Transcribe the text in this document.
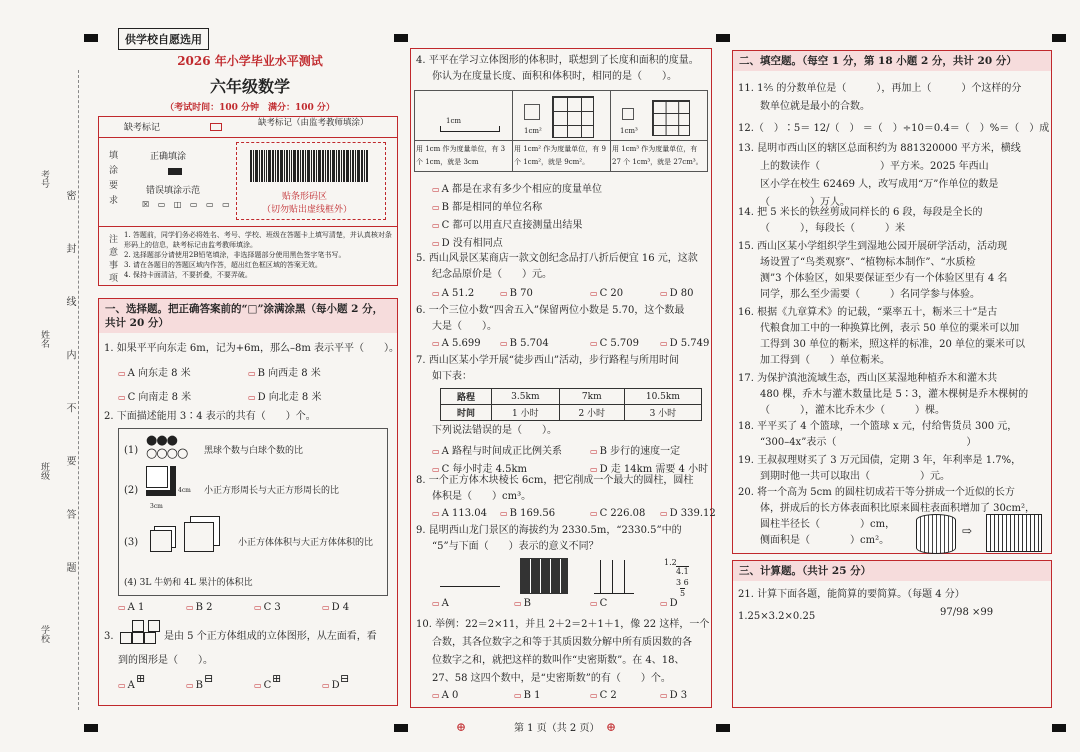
供学校自愿选用
考号
姓名
班级
学校
密 封 线 内 不 要 答 题
2026 年小学毕业水平测试
六年级数学
（考试时间：100 分钟　满分：100 分）
缺考标记	缺考标记（由监考教师填涂）
填涂要求	正确填涂
错误填涂示范
☒ ▭ ◫ ▭ ▭ ▭
贴条形码区
（切勿贴出虚线框外）
注意事项 1. 答题前，同学们务必将姓名、考号、学校、班级在答题卡上填写清楚，并认真核对条形码上的信息，缺考标记由监考教师填涂。
2. 选择题部分请使用2B铅笔填涂，非选择题部分使用黑色签字笔书写。
3. 请在各题目的答题区域内作答，超出红色框区域的答案无效。
4. 保持卡面清洁，不要折叠，不要弄破。
一、选择题。把正确答案前的“□”涂满涂黑（每小题 2 分，共计 20 分）
1. 如果平平向东走 6m，记为+6m，那么–8m 表示平平（　　）。
▭ A 向东走 8 米	▭ B 向西走 8 米
▭ C 向南走 8 米	▭ D 向北走 8 米
2. 下面描述能用 3∶4 表示的共有（　　）个。
(1)
●●●
○○○○ 黑球个数与白球个数的比
(2)	4cm
3cm
小正方形周长与大正方形周长的比
(3)	小正方体体积与大正方体体积的比
(4) 3L 牛奶和 4L 果汁的体积比
▭ A 1	▭ B 2	▭ C 3	▭ D 4
3.	是由 5 个正方体组成的立体图形，从左面看，看
到的图形是（　　）。
▭ A
⊞
▭ B
⊟
▭ C
⊞
▭ D
⊟
4. 平平在学习立体图形的体积时，联想到了长度和面积的度量。
你认为在度量长度、面积和体积时，相同的是（　　）。
1cm
1cm²	1cm³
用 1cm 作为度量单位，有 3 个 1cm，就是 3cm
用 1cm² 作为度量单位，有 9 个 1cm²，就是 9cm²。
用 1cm³ 作为度量单位，有 27 个 1cm³，就是 27cm³。
▭ A 都是在求有多少个相应的度量单位
▭ B 都是相同的单位名称
▭ C 都可以用直尺直接测量出结果
▭ D 没有相同点
5. 西山风景区某商店一款文创纪念品打八折后便宜 16 元，这款
纪念品原价是（　　）元。
▭ A 51.2	▭ B 70	▭ C 20	▭ D 80
6. 一个三位小数“四舍五入”保留两位小数是 5.70，这个数最
大是（　　）。
▭ A 5.699 ▭ B 5.704	▭ C 5.709	▭ D 5.749
7. 西山区某小学开展“徒步西山”活动，步行路程与所用时间
如下表：
路程	3.5km	7km	10.5km
时间	1 小时	2 小时	3 小时
下列说法错误的是（　　）。
▭ A 路程与时间成正比例关系	▭ B 步行的速度一定
▭ C 每小时走 4.5km	▭ D 走 14km 需要 4 小时
8. 一个正方体木块棱长 6cm，把它削成一个最大的圆柱，圆柱
体积是（　　）cm³。
▭ A 113.04 ▭ B 169.56	▭ C 226.08 ▭ D 339.12
9. 昆明西山龙门景区的海拔约为 2330.5m，“2330.5”中的
“5”与下面（　　）表示的意义不同？
1.2
4.1
3 6
5
▭ A	▭ B	▭ C	▭ D
10. 举例：22＝2×11，并且 2＋2＝2＋1＋1，像 22 这样，一个
合数，其各位数字之和等于其质因数分解中所有质因数的各
位数字之和，就把这样的数叫作“史密斯数”。在 4、18、
27、58 这四个数中，是“史密斯数”的有（　　）个。
▭ A 0	▭ B 1	▭ C 2	▭ D 3
二、填空题。（每空 1 分，第 18 小题 2 分，共计 20 分）
11. 1⅖ 的分数单位是（　　　），再加上（　　　）个这样的分
数单位就是最小的合数。
12.（　）∶5＝ 12/（　） ＝（　）÷10＝0.4＝（　）%＝（　）成
13. 昆明市西山区的辖区总面积约为 881320000 平方米，横线
上的数读作（　　　　　　）平方米。2025 年西山
区小学在校生 62469 人，改写成用“万”作单位的数是
（　　　　）万人。
14. 把 5 米长的铁丝剪成同样长的 6 段，每段是全长的
（　　　），每段长（　　　）米
15. 西山区某小学组织学生到湿地公园开展研学活动，活动现
场设置了“鸟类观察”、“植物标本制作”、“水质检
测”3 个体验区，如果要保证至少有一个体验区里有 4 名
同学，那么至少需要（　　　）名同学参与体验。
16. 根据《九章算术》的记载，“粟率五十，粝米三十”是古
代粮食加工中的一种换算比例，表示 50 单位的粟米可以加
工得到 30 单位的粝米，照这样的标准，20 单位的粟米可以
加工得到（　　）单位粝米。
17. 为保护滇池流域生态，西山区某湿地种植乔木和灌木共
480 棵，乔木与灌木数量比是 5∶3，灌木棵树是乔木棵树的
（　　　），灌木比乔木少（　　　）棵。
18. 平平买了 4 个篮球，一个篮球 x 元，付给售货员 300 元，
“300–4x”表示（　　　　　　　　　　　　　）
19. 王叔叔理财买了 3 万元国债，定期 3 年，年利率是 1.7%，
到期时他一共可以取出（　　　　　）元。
20. 将一个高为 5cm 的圆柱切成若干等分拼成一个近似的长方
体，拼成后的长方体表面积比原来圆柱表面积增加了 30cm²，
圆柱半径长（　　　　）cm，
侧面积是（　　　　）cm²。
⇨
三、计算题。（共计 25 分）
21. 计算下面各题，能简算的要简算。（每题 4 分）
1.25×3.2×0.25	97/98 ×99
⊕	⊕
第 1 页（共 2 页）
